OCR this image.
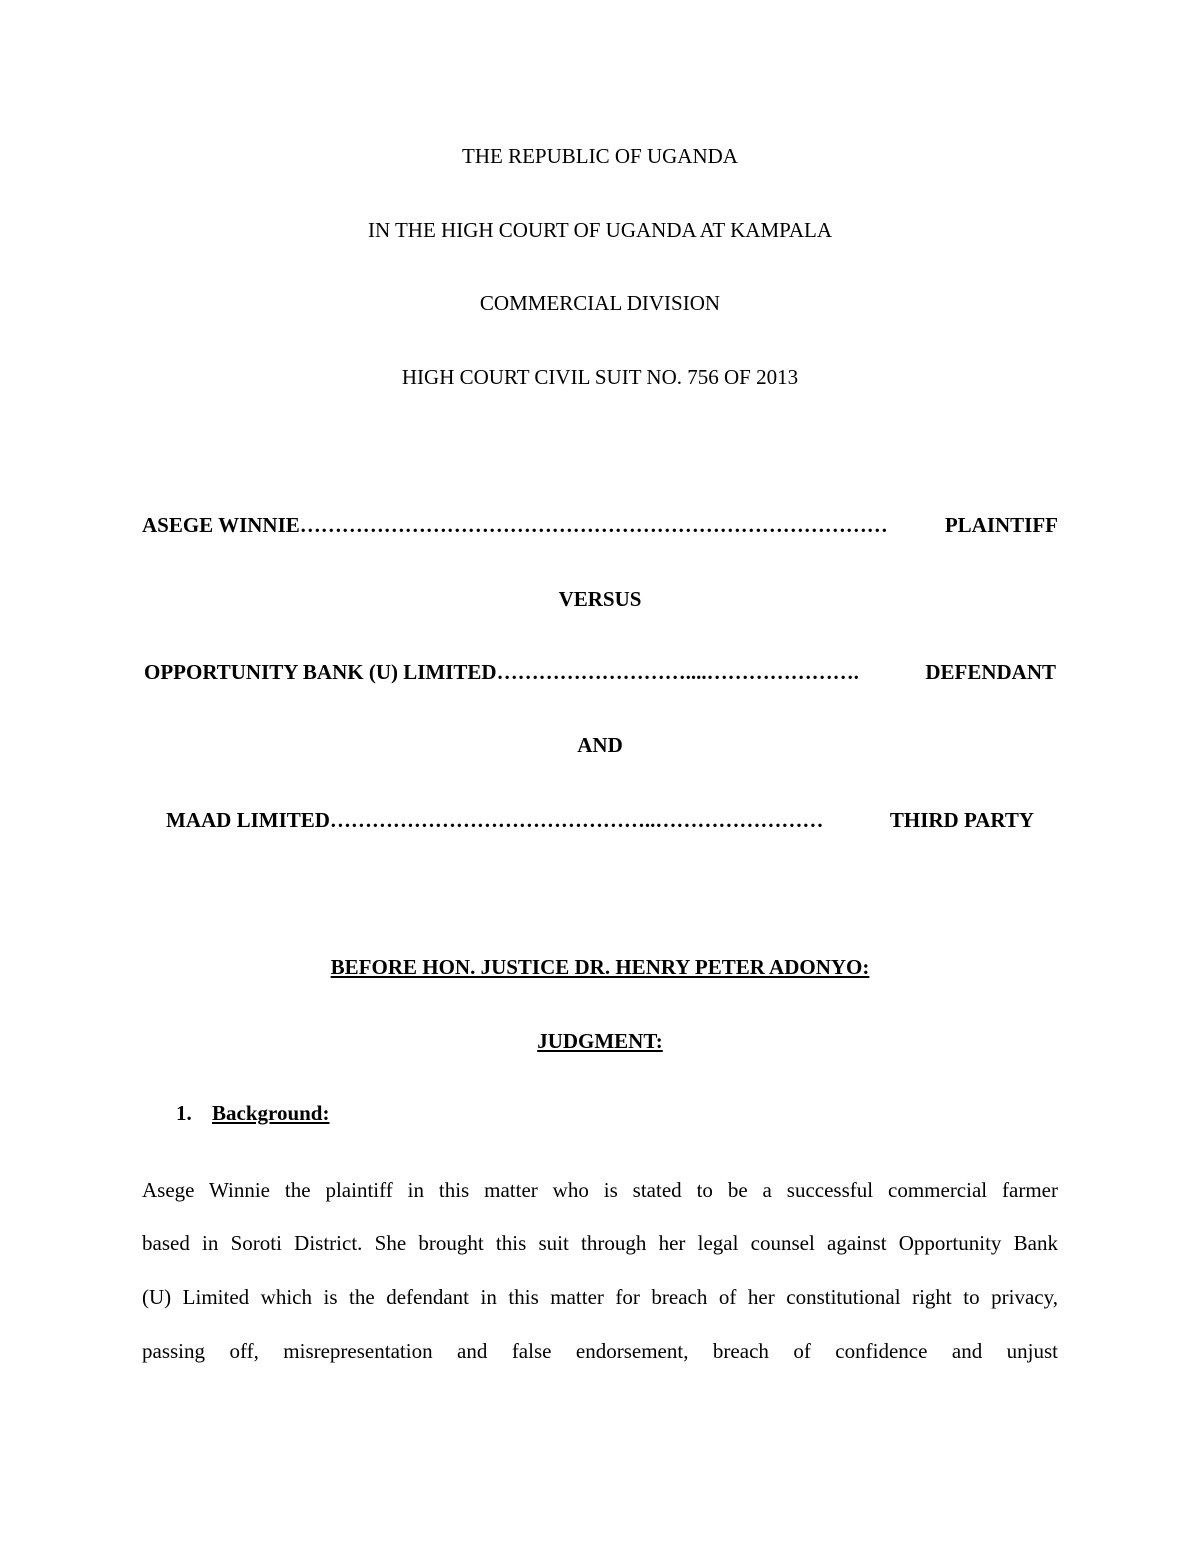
THE REPUBLIC OF UGANDA
IN THE HIGH COURT OF UGANDA AT KAMPALA
COMMERCIAL DIVISION
HIGH COURT CIVIL SUIT NO. 756 OF 2013
ASEGE WINNIE …………………………………………………………………………	PLAINTIFF
VERSUS
OPPORTUNITY BANK (U) LIMITED ………………………....………………….	DEFENDANT
AND
MAAD LIMITED ………………………………………..……………………	THIRD PARTY
BEFORE HON. JUSTICE DR. HENRY PETER ADONYO:
JUDGMENT:
1. Background:
Asege Winnie the plaintiff in this matter who is stated to be a successful commercial farmer
based in Soroti District. She brought this suit through her legal counsel against Opportunity Bank
(U) Limited which is the defendant in this matter for breach of her constitutional right to privacy,
passing off, misrepresentation and false endorsement, breach of confidence and unjust
